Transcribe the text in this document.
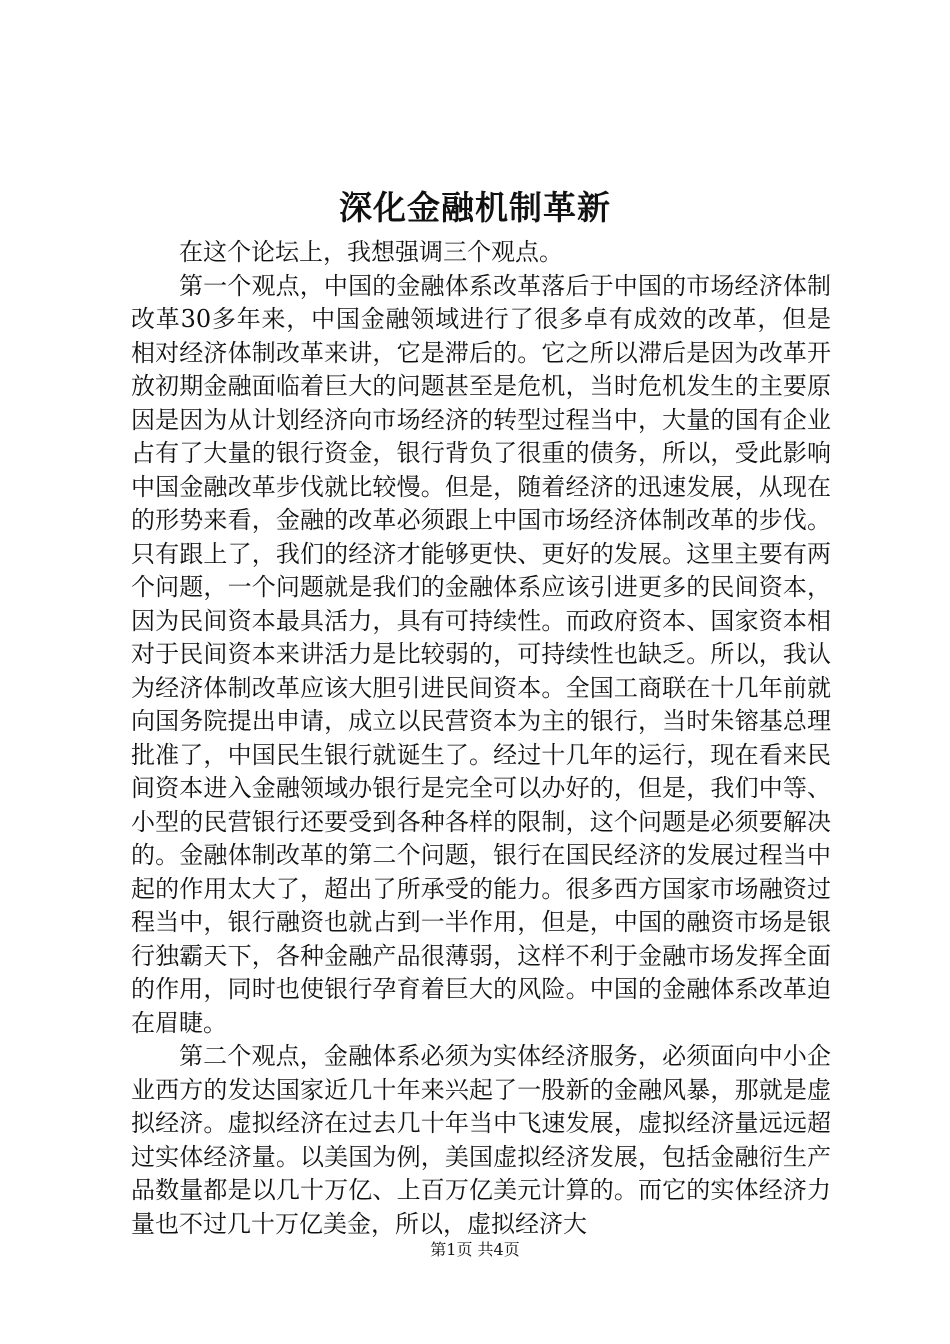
深化金融机制革新

在这个论坛上，我想强调三个观点。

第一个观点，中国的金融体系改革落后于中国的市场经济体制改革30多年来，中国金融领域进行了很多卓有成效的改革，但是相对经济体制改革来讲，它是滞后的。它之所以滞后是因为改革开放初期金融面临着巨大的问题甚至是危机，当时危机发生的主要原因是因为从计划经济向市场经济的转型过程当中，大量的国有企业占有了大量的银行资金，银行背负了很重的债务，所以，受此影响中国金融改革步伐就比较慢。但是，随着经济的迅速发展，从现在的形势来看，金融的改革必须跟上中国市场经济体制改革的步伐。只有跟上了，我们的经济才能够更快、更好的发展。这里主要有两个问题，一个问题就是我们的金融体系应该引进更多的民间资本，因为民间资本最具活力，具有可持续性。而政府资本、国家资本相对于民间资本来讲活力是比较弱的，可持续性也缺乏。所以，我认为经济体制改革应该大胆引进民间资本。全国工商联在十几年前就向国务院提出申请，成立以民营资本为主的银行，当时朱镕基总理批准了，中国民生银行就诞生了。经过十几年的运行，现在看来民间资本进入金融领域办银行是完全可以办好的，但是，我们中等、小型的民营银行还要受到各种各样的限制，这个问题是必须要解决的。金融体制改革的第二个问题，银行在国民经济的发展过程当中起的作用太大了，超出了所承受的能力。很多西方国家市场融资过程当中，银行融资也就占到一半作用，但是，中国的融资市场是银行独霸天下，各种金融产品很薄弱，这样不利于金融市场发挥全面的作用，同时也使银行孕育着巨大的风险。中国的金融体系改革迫在眉睫。

第二个观点，金融体系必须为实体经济服务，必须面向中小企业西方的发达国家近几十年来兴起了一股新的金融风暴，那就是虚拟经济。虚拟经济在过去几十年当中飞速发展，虚拟经济量远远超过实体经济量。以美国为例，美国虚拟经济发展，包括金融衍生产品数量都是以几十万亿、上百万亿美元计算的。而它的实体经济力量也不过几十万亿美金，所以，虚拟经济大

第1页 共4页
